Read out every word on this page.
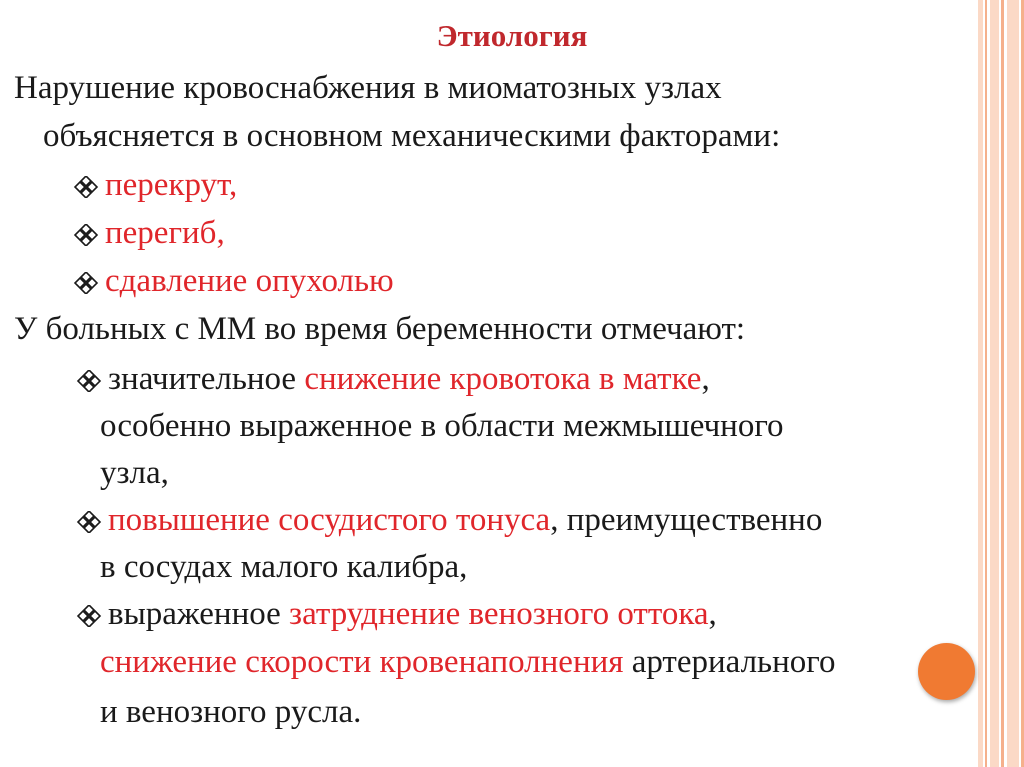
Этиология

Нарушение кровоснабжения в миоматозных узлах

объясняется в основном механическими факторами:

перекрут,

перегиб,

сдавление опухолью

У больных с ММ во время беременности отмечают:

значительное снижение кровотока в матке,

особенно выраженное в области межмышечного

узла,

повышение сосудистого тонуса, преимущественно

в сосудах малого калибра,

выраженное затруднение венозного оттока,

снижение скорости кровенаполнения артериального

и венозного русла.
